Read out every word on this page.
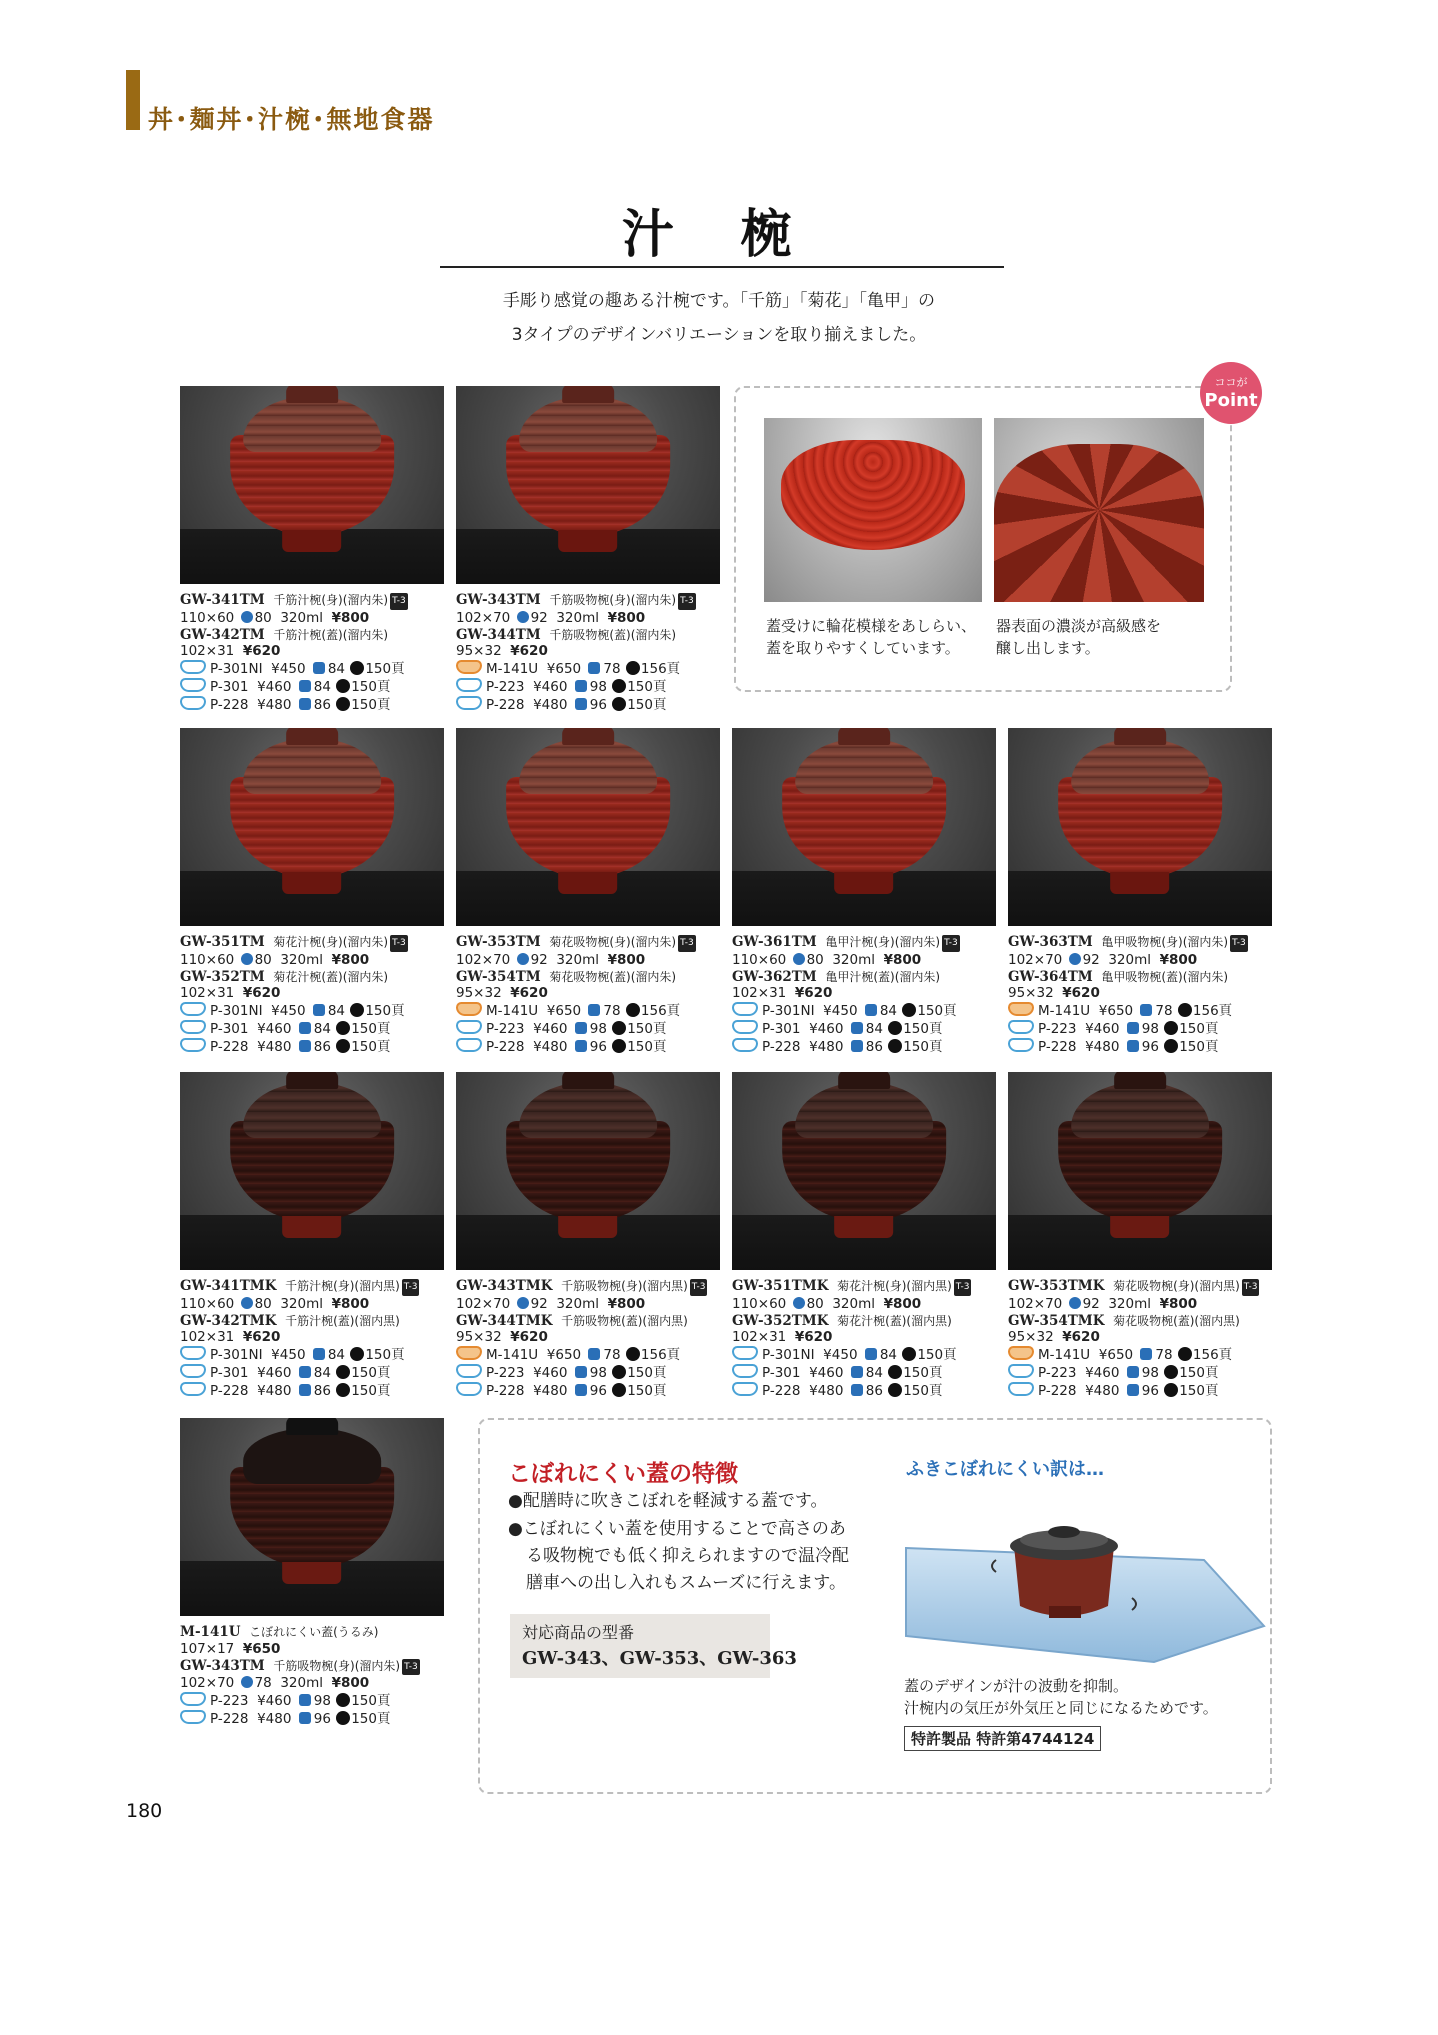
丼･麺丼･汁椀･無地食器
汁 椀
手彫り感覚の趣ある汁椀です。「千筋」「菊花」「亀甲」の
3タイプのデザインバリエーションを取り揃えました。
GW-341TM 千筋汁椀(身)(溜内朱) T-3
110×60 80 320ml ¥800
GW-342TM 千筋汁椀(蓋)(溜内朱)
102×31 ¥620
P-301NI ¥450 84 150頁
P-301 ¥460 84 150頁
P-228 ¥480 86 150頁
GW-343TM 千筋吸物椀(身)(溜内朱) T-3
102×70 92 320ml ¥800
GW-344TM 千筋吸物椀(蓋)(溜内朱)
95×32 ¥620
M-141U ¥650 78 156頁
P-223 ¥460 98 150頁
P-228 ¥480 96 150頁
GW-351TM 菊花汁椀(身)(溜内朱) T-3
110×60 80 320ml ¥800
GW-352TM 菊花汁椀(蓋)(溜内朱)
102×31 ¥620
P-301NI ¥450 84 150頁
P-301 ¥460 84 150頁
P-228 ¥480 86 150頁
GW-353TM 菊花吸物椀(身)(溜内朱) T-3
102×70 92 320ml ¥800
GW-354TM 菊花吸物椀(蓋)(溜内朱)
95×32 ¥620
M-141U ¥650 78 156頁
P-223 ¥460 98 150頁
P-228 ¥480 96 150頁
GW-361TM 亀甲汁椀(身)(溜内朱) T-3
110×60 80 320ml ¥800
GW-362TM 亀甲汁椀(蓋)(溜内朱)
102×31 ¥620
P-301NI ¥450 84 150頁
P-301 ¥460 84 150頁
P-228 ¥480 86 150頁
GW-363TM 亀甲吸物椀(身)(溜内朱) T-3
102×70 92 320ml ¥800
GW-364TM 亀甲吸物椀(蓋)(溜内朱)
95×32 ¥620
M-141U ¥650 78 156頁
P-223 ¥460 98 150頁
P-228 ¥480 96 150頁
GW-341TMK 千筋汁椀(身)(溜内黒) T-3
110×60 80 320ml ¥800
GW-342TMK 千筋汁椀(蓋)(溜内黒)
102×31 ¥620
P-301NI ¥450 84 150頁
P-301 ¥460 84 150頁
P-228 ¥480 86 150頁
GW-343TMK 千筋吸物椀(身)(溜内黒) T-3
102×70 92 320ml ¥800
GW-344TMK 千筋吸物椀(蓋)(溜内黒)
95×32 ¥620
M-141U ¥650 78 156頁
P-223 ¥460 98 150頁
P-228 ¥480 96 150頁
GW-351TMK 菊花汁椀(身)(溜内黒) T-3
110×60 80 320ml ¥800
GW-352TMK 菊花汁椀(蓋)(溜内黒)
102×31 ¥620
P-301NI ¥450 84 150頁
P-301 ¥460 84 150頁
P-228 ¥480 86 150頁
GW-353TMK 菊花吸物椀(身)(溜内黒) T-3
102×70 92 320ml ¥800
GW-354TMK 菊花吸物椀(蓋)(溜内黒)
95×32 ¥620
M-141U ¥650 78 156頁
P-223 ¥460 98 150頁
P-228 ¥480 96 150頁
ココが
Point
蓋受けに輪花模様をあしらい、
蓋を取りやすくしています。
器表面の濃淡が高級感を
醸し出します。
M-141U こぼれにくい蓋(うるみ)
107×17 ¥650
GW-343TM 千筋吸物椀(身)(溜内朱) T-3
102×70 78 320ml ¥800
P-223 ¥460 98 150頁
P-228 ¥480 96 150頁
こぼれにくい蓋の特徴
●配膳時に吹きこぼれを軽減する蓋です。
●こぼれにくい蓋を使用することで高さのあ
る吸物椀でも低く抑えられますので温冷配
膳車への出し入れもスムーズに行えます。
対応商品の型番
GW-343、GW-353、GW-363
ふきこぼれにくい訳は…
蓋のデザインが汁の波動を抑制。
汁椀内の気圧が外気圧と同じになるためです。
特許製品 特許第4744124
180
